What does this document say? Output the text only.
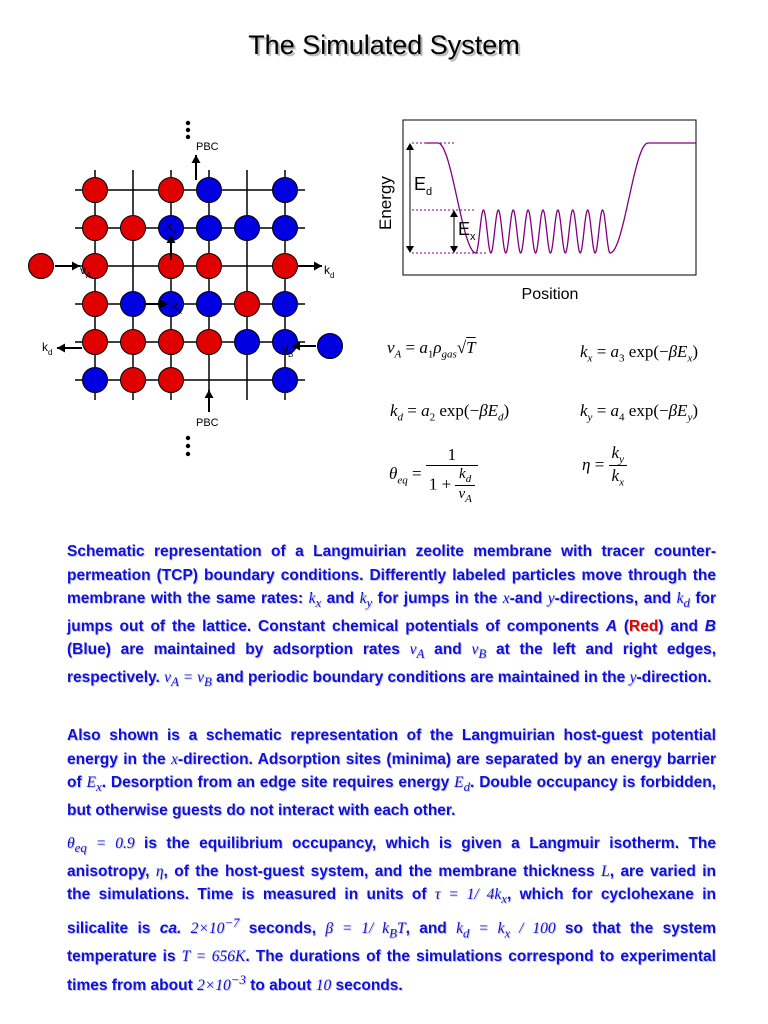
The Simulated System
PBC
PBC
$k_y$
$k_x$
$k_d$
$k_d$
$\nu_A$
$\nu_B$
$E_d$
$E_x$
Energy
Position
$\nu_A = a_1\rho_{gas}√T$	$k_x = a_3$ $\exp(-\beta E_x)$
$k_d = a_2$ $\exp(-\beta E_d)$	$k_y = a_4$ $\exp(-\beta E_y)$
$\theta_{eq} = \frac{1}{1 + \frac{k_d}{\nu_A}}$	$\eta = \frac{k_y}{k_x}$
Schematic representation of a Langmuirian zeolite membrane with tracer counter-permeation (TCP) boundary conditions. Differently labeled particles move through the membrane with the same rates: $k_x$ and $k_y$ for jumps in the x-and y-directions, and $k_d$ for jumps out of the lattice. Constant chemical potentials of components A (Red) and B (Blue) are maintained by adsorption rates $\nu_A$ and $\nu_B$ at the left and right edges, respectively. $\nu_A = \nu_B$ and periodic boundary conditions are maintained in the y-direction.
Also shown is a schematic representation of the Langmuirian host-guest potential energy in the x-direction. Adsorption sites (minima) are separated by an energy barrier of $E_x$. Desorption from an edge site requires energy $E_d$. Double occupancy is forbidden, but otherwise guests do not interact with each other.
$\theta_{eq} = 0.9$ is the equilibrium occupancy, which is given a Langmuir isotherm. The anisotropy, η, of the host-guest system, and the membrane thickness L, are varied in the simulations. Time is measured in units of τ = 1/ $4k_x$, which for cyclohexane in silicalite is ca. $2\times 10^{-7}$ seconds, β = 1/ $k_BT$, and $k_d = k_x / 100$ so that the system temperature is T = 656K. The durations of the simulations correspond to experimental times from about $2\times 10^{-3}$ to about 10 seconds.
